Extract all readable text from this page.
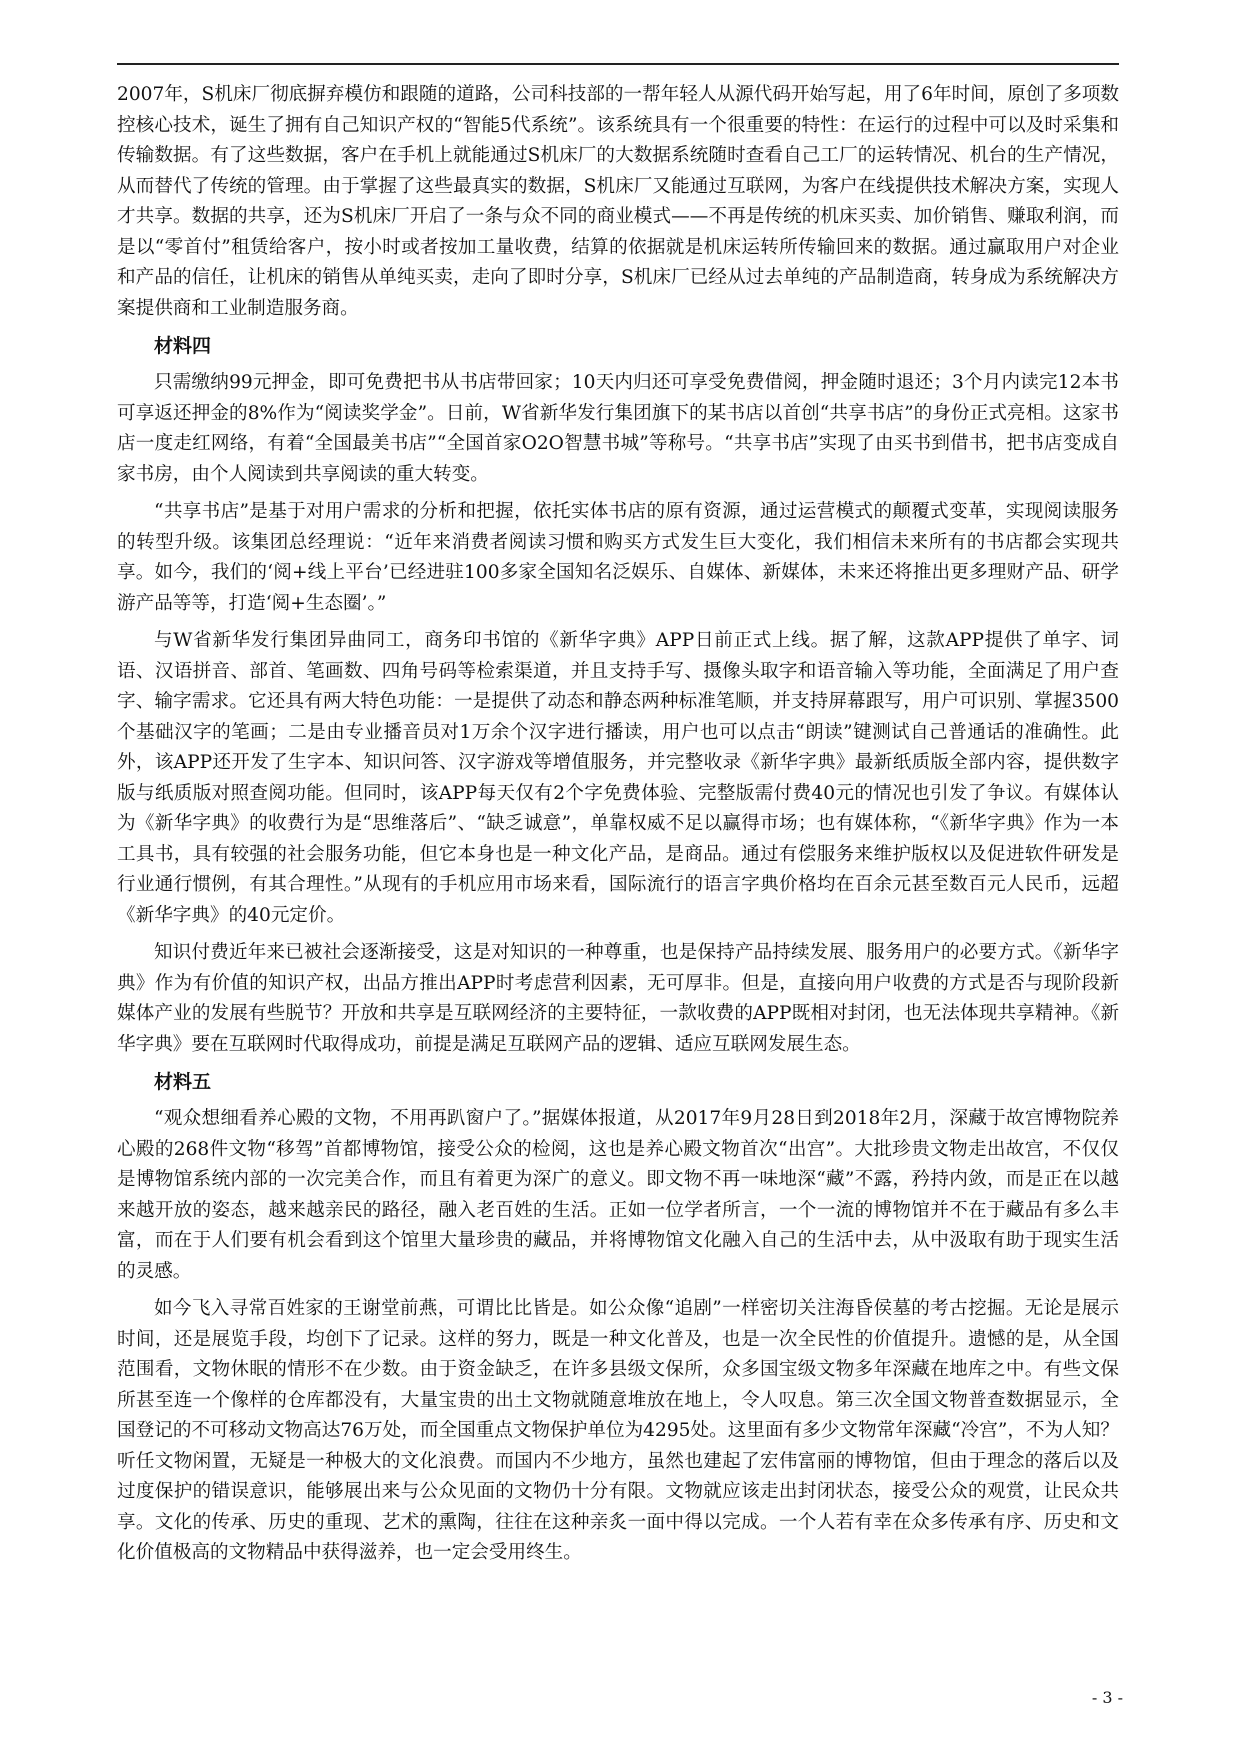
2007年，S机床厂彻底摒弃模仿和跟随的道路，公司科技部的一帮年轻人从源代码开始写起，用了6年时间，原创了多项数控核心技术，诞生了拥有自己知识产权的“智能5代系统”。该系统具有一个很重要的特性：在运行的过程中可以及时采集和传输数据。有了这些数据，客户在手机上就能通过S机床厂的大数据系统随时查看自己工厂的运转情况、机台的生产情况，从而替代了传统的管理。由于掌握了这些最真实的数据，S机床厂又能通过互联网，为客户在线提供技术解决方案，实现人才共享。数据的共享，还为S机床厂开启了一条与众不同的商业模式——不再是传统的机床买卖、加价销售、赚取利润，而是以“零首付”租赁给客户，按小时或者按加工量收费，结算的依据就是机床运转所传输回来的数据。通过赢取用户对企业和产品的信任，让机床的销售从单纯买卖，走向了即时分享，S机床厂已经从过去单纯的产品制造商，转身成为系统解决方案提供商和工业制造服务商。

材料四

只需缴纳99元押金，即可免费把书从书店带回家；10天内归还可享受免费借阅，押金随时退还；3个月内读完12本书可享返还押金的8%作为“阅读奖学金”。日前，W省新华发行集团旗下的某书店以首创“共享书店”的身份正式亮相。这家书店一度走红网络，有着“全国最美书店”“全国首家O2O智慧书城”等称号。“共享书店”实现了由买书到借书，把书店变成自家书房，由个人阅读到共享阅读的重大转变。

“共享书店”是基于对用户需求的分析和把握，依托实体书店的原有资源，通过运营模式的颠覆式变革，实现阅读服务的转型升级。该集团总经理说：“近年来消费者阅读习惯和购买方式发生巨大变化，我们相信未来所有的书店都会实现共享。如今，我们的‘阅+线上平台’已经进驻100多家全国知名泛娱乐、自媒体、新媒体，未来还将推出更多理财产品、研学游产品等等，打造‘阅+生态圈’。”

与W省新华发行集团异曲同工，商务印书馆的《新华字典》APP日前正式上线。据了解，这款APP提供了单字、词语、汉语拼音、部首、笔画数、四角号码等检索渠道，并且支持手写、摄像头取字和语音输入等功能，全面满足了用户查字、输字需求。它还具有两大特色功能：一是提供了动态和静态两种标准笔顺，并支持屏幕跟写，用户可识别、掌握3500个基础汉字的笔画；二是由专业播音员对1万余个汉字进行播读，用户也可以点击“朗读”键测试自己普通话的准确性。此外，该APP还开发了生字本、知识问答、汉字游戏等增值服务，并完整收录《新华字典》最新纸质版全部内容，提供数字版与纸质版对照查阅功能。但同时，该APP每天仅有2个字免费体验、完整版需付费40元的情况也引发了争议。有媒体认为《新华字典》的收费行为是“思维落后”、“缺乏诚意”，单靠权威不足以赢得市场；也有媒体称，“《新华字典》作为一本工具书，具有较强的社会服务功能，但它本身也是一种文化产品，是商品。通过有偿服务来维护版权以及促进软件研发是行业通行惯例，有其合理性。”从现有的手机应用市场来看，国际流行的语言字典价格均在百余元甚至数百元人民币，远超《新华字典》的40元定价。

知识付费近年来已被社会逐渐接受，这是对知识的一种尊重，也是保持产品持续发展、服务用户的必要方式。《新华字典》作为有价值的知识产权，出品方推出APP时考虑营利因素，无可厚非。但是，直接向用户收费的方式是否与现阶段新媒体产业的发展有些脱节？开放和共享是互联网经济的主要特征，一款收费的APP既相对封闭，也无法体现共享精神。《新华字典》要在互联网时代取得成功，前提是满足互联网产品的逻辑、适应互联网发展生态。

材料五

“观众想细看养心殿的文物，不用再趴窗户了。”据媒体报道，从2017年9月28日到2018年2月，深藏于故宫博物院养心殿的268件文物“移驾”首都博物馆，接受公众的检阅，这也是养心殿文物首次“出宫”。大批珍贵文物走出故宫，不仅仅是博物馆系统内部的一次完美合作，而且有着更为深广的意义。即文物不再一味地深“藏”不露，矜持内敛，而是正在以越来越开放的姿态，越来越亲民的路径，融入老百姓的生活。正如一位学者所言，一个一流的博物馆并不在于藏品有多么丰富，而在于人们要有机会看到这个馆里大量珍贵的藏品，并将博物馆文化融入自己的生活中去，从中汲取有助于现实生活的灵感。

如今飞入寻常百姓家的王谢堂前燕，可谓比比皆是。如公众像“追剧”一样密切关注海昏侯墓的考古挖掘。无论是展示时间，还是展览手段，均创下了记录。这样的努力，既是一种文化普及，也是一次全民性的价值提升。遗憾的是，从全国范围看，文物休眠的情形不在少数。由于资金缺乏，在许多县级文保所，众多国宝级文物多年深藏在地库之中。有些文保所甚至连一个像样的仓库都没有，大量宝贵的出土文物就随意堆放在地上，令人叹息。第三次全国文物普查数据显示，全国登记的不可移动文物高达76万处，而全国重点文物保护单位为4295处。这里面有多少文物常年深藏“冷宫”，不为人知？听任文物闲置，无疑是一种极大的文化浪费。而国内不少地方，虽然也建起了宏伟富丽的博物馆，但由于理念的落后以及过度保护的错误意识，能够展出来与公众见面的文物仍十分有限。文物就应该走出封闭状态，接受公众的观赏，让民众共享。文化的传承、历史的重现、艺术的熏陶，往往在这种亲炙一面中得以完成。一个人若有幸在众多传承有序、历史和文化价值极高的文物精品中获得滋养，也一定会受用终生。

- 3 -
